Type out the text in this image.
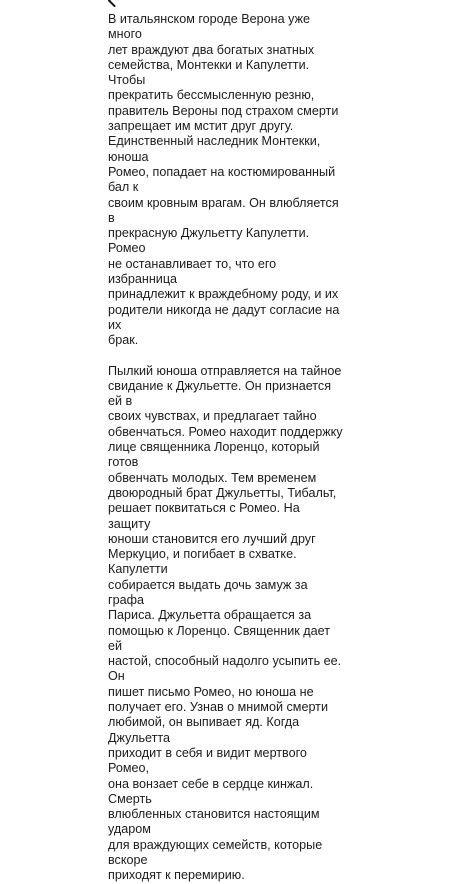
В итальянском городе Верона уже много
лет враждуют два богатых знатных
семейства, Монтекки и Капулетти. Чтобы
прекратить бессмысленную резню,
правитель Вероны под страхом смерти
запрещает им мстит друг другу.
Единственный наследник Монтекки, юноша
Ромео, попадает на костюмированный бал к
своим кровным врагам. Он влюбляется в
прекрасную Джульетту Капулетти. Ромео
не останавливает то, что его избранница
принадлежит к враждебному роду, и их
родители никогда не дадут согласие на их
брак.

Пылкий юноша отправляется на тайное
свидание к Джульетте. Он признается ей в
своих чувствах, и предлагает тайно
обвенчаться. Ромео находит поддержку
лице священника Лоренцо, который готов
обвенчать молодых. Тем временем
двоюродный брат Джульетты, Тибальт,
решает поквитаться с Ромео. На защиту
юноши становится его лучший друг
Меркуцио, и погибает в схватке. Капулетти
собирается выдать дочь замуж за графа
Париса. Джульетта обращается за
помощью к Лоренцо. Священник дает ей
настой, способный надолго усыпить ее. Он
пишет письмо Ромео, но юноша не
получает его. Узнав о мнимой смерти
любимой, он выпивает яд. Когда Джульетта
приходит в себя и видит мертвого Ромео,
она вонзает себе в сердце кинжал. Смерть
влюбленных становится настоящим ударом
для враждующих семейств, которые вскоре
приходят к перемирию.
